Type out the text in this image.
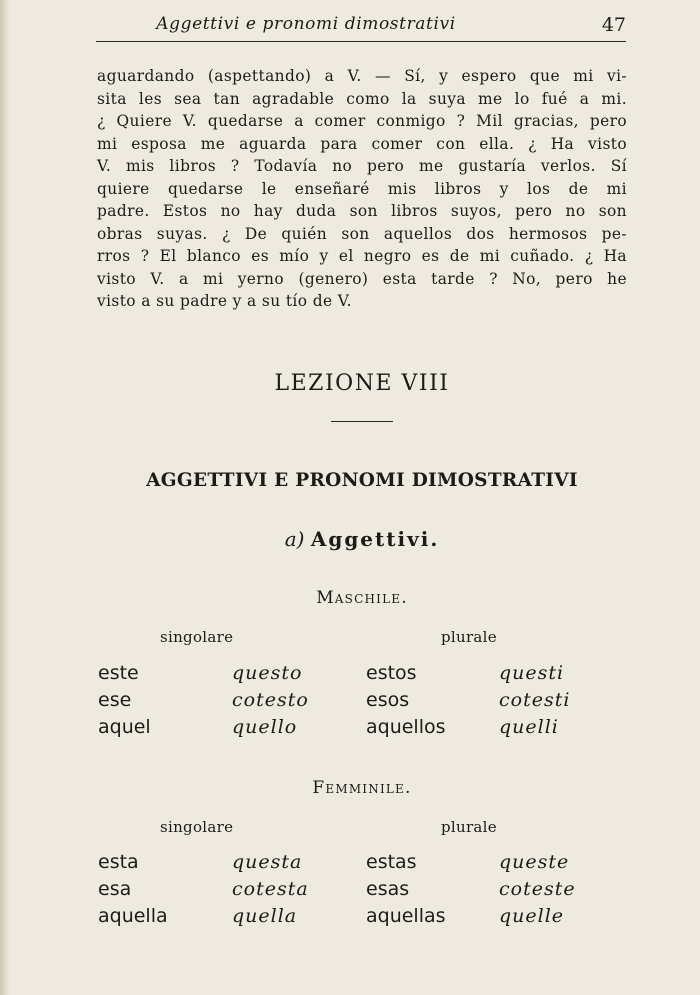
Aggettivi e pronomi dimostrativi	47
aguardando (aspettando) a V. — Sí, y espero que mi vi-
sita les sea tan agradable como la suya me lo fué a mi.
¿ Quiere V. quedarse a comer conmigo ? Mil gracias, pero
mi esposa me aguarda para comer con ella. ¿ Ha visto
V. mis libros ? Todavía no pero me gustaría verlos. Sí
quiere quedarse le enseñaré mis libros y los de mi
padre. Estos no hay duda son libros suyos, pero no son
obras suyas. ¿ De quién son aquellos dos hermosos pe-
rros ? El blanco es mío y el negro es de mi cuñado. ¿ Ha
visto V. a mi yerno (genero) esta tarde ? No, pero he
visto a su padre y a su tío de V.
LEZIONE VIII
AGGETTIVI E PRONOMI DIMOSTRATIVI
a) Aggettivi.
Maschile.
singolare	plurale
este	questo	estos	questi
ese	cotesto	esos	cotesti
aquel	quello	aquellos	quelli
Femminile.
singolare	plurale
esta	questa	estas	queste
esa	cotesta	esas	coteste
aquella	quella	aquellas	quelle
